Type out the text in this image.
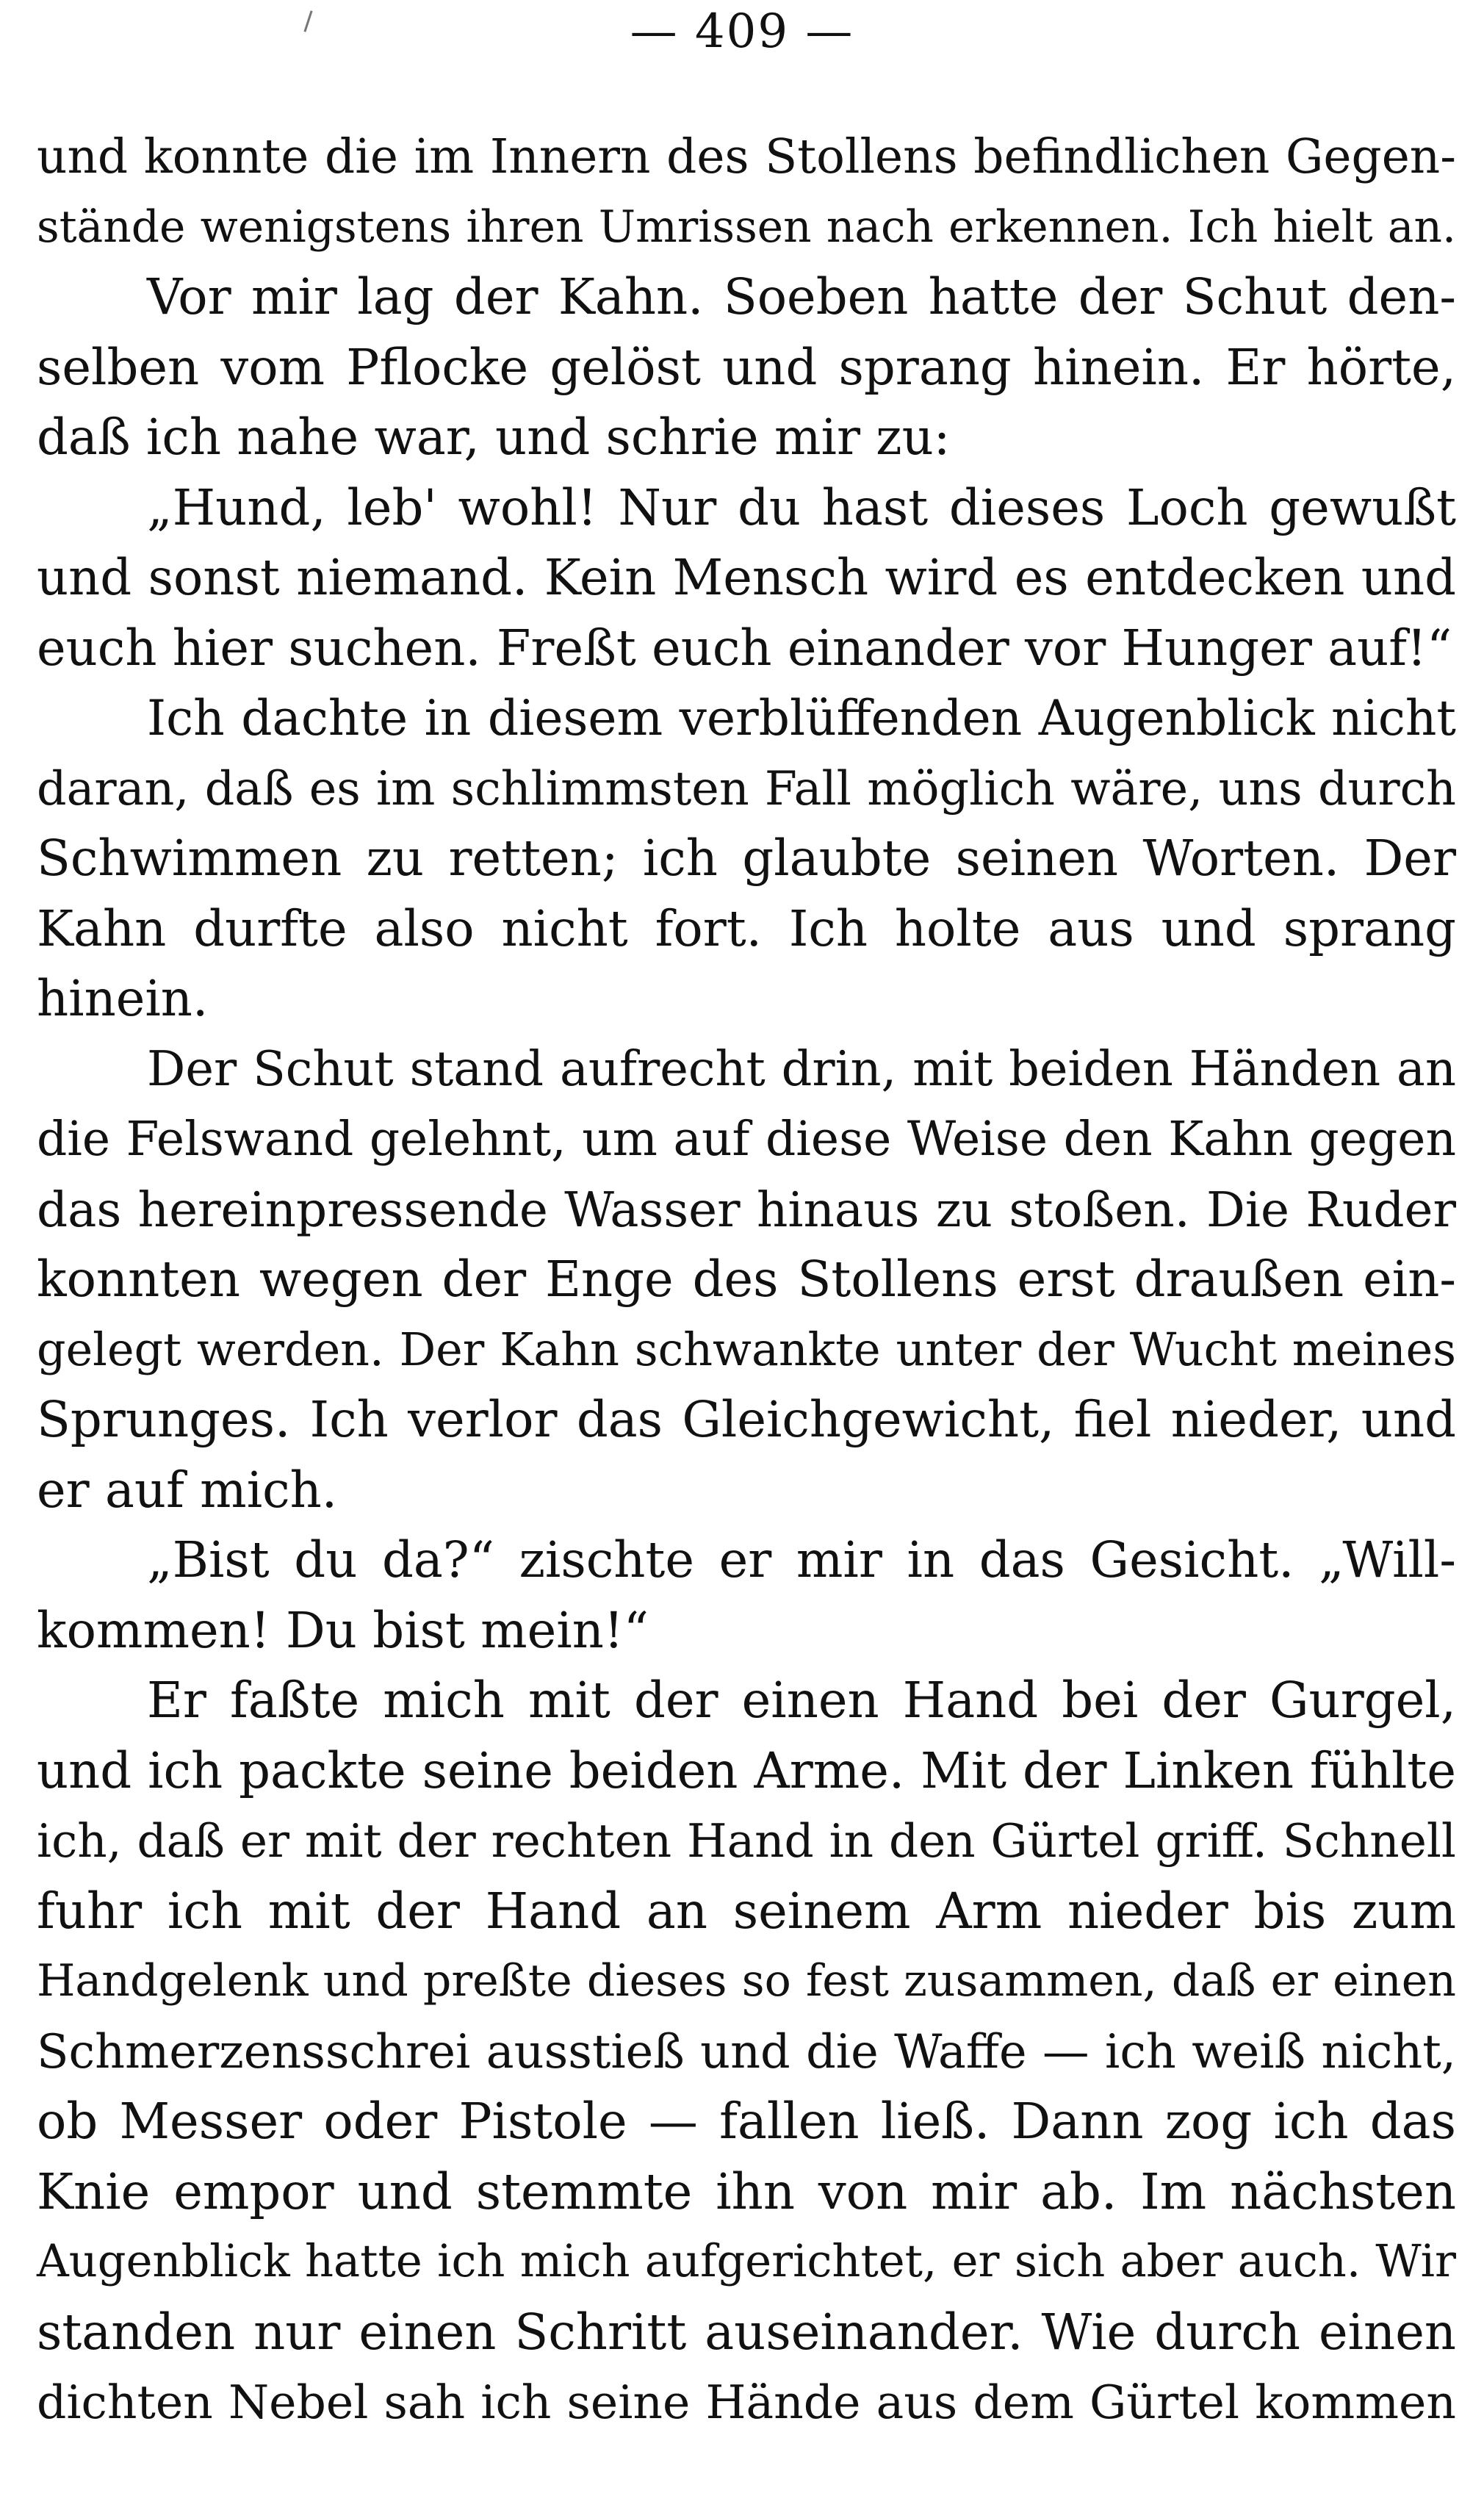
— 409 —
und konnte die im Innern des Stollens befindlichen Gegen-
stände wenigstens ihren Umrissen nach erkennen. Ich hielt an.
Vor mir lag der Kahn. Soeben hatte der Schut den-
selben vom Pflocke gelöst und sprang hinein. Er hörte,
daß ich nahe war, und schrie mir zu:
„Hund, leb' wohl! Nur du hast dieses Loch gewußt
und sonst niemand. Kein Mensch wird es entdecken und
euch hier suchen. Freßt euch einander vor Hunger auf!“
Ich dachte in diesem verblüffenden Augenblick nicht
daran, daß es im schlimmsten Fall möglich wäre, uns durch
Schwimmen zu retten; ich glaubte seinen Worten. Der
Kahn durfte also nicht fort. Ich holte aus und sprang
hinein.
Der Schut stand aufrecht drin, mit beiden Händen an
die Felswand gelehnt, um auf diese Weise den Kahn gegen
das hereinpressende Wasser hinaus zu stoßen. Die Ruder
konnten wegen der Enge des Stollens erst draußen ein-
gelegt werden. Der Kahn schwankte unter der Wucht meines
Sprunges. Ich verlor das Gleichgewicht, fiel nieder, und
er auf mich.
„Bist du da?“ zischte er mir in das Gesicht. „Will-
kommen! Du bist mein!“
Er faßte mich mit der einen Hand bei der Gurgel,
und ich packte seine beiden Arme. Mit der Linken fühlte
ich, daß er mit der rechten Hand in den Gürtel griff. Schnell
fuhr ich mit der Hand an seinem Arm nieder bis zum
Handgelenk und preßte dieses so fest zusammen, daß er einen
Schmerzensschrei ausstieß und die Waffe — ich weiß nicht,
ob Messer oder Pistole — fallen ließ. Dann zog ich das
Knie empor und stemmte ihn von mir ab. Im nächsten
Augenblick hatte ich mich aufgerichtet, er sich aber auch. Wir
standen nur einen Schritt auseinander. Wie durch einen
dichten Nebel sah ich seine Hände aus dem Gürtel kommen
